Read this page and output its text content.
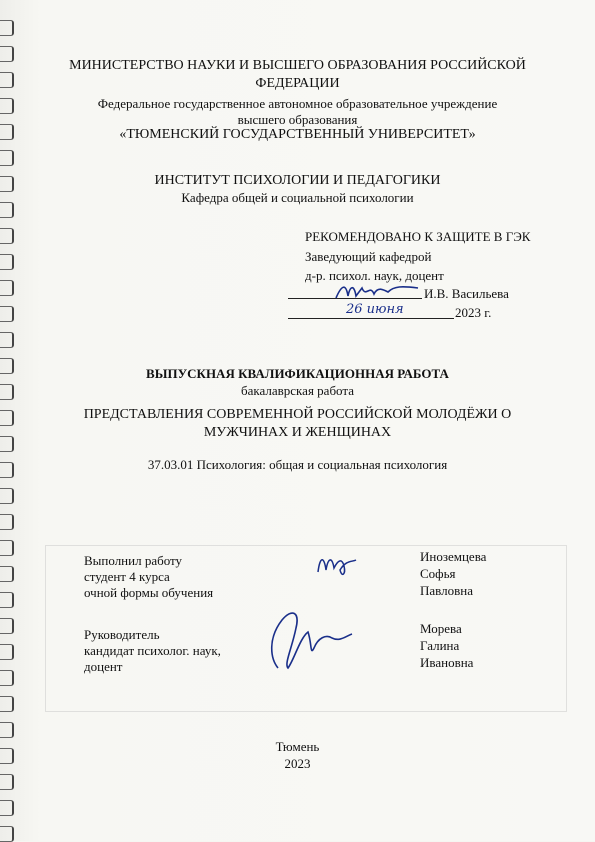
МИНИСТЕРСТВО НАУКИ И ВЫСШЕГО ОБРАЗОВАНИЯ РОССИЙСКОЙ
ФЕДЕРАЦИИ
Федеральное государственное автономное образовательное учреждение
высшего образования
«ТЮМЕНСКИЙ ГОСУДАРСТВЕННЫЙ УНИВЕРСИТЕТ»
ИНСТИТУТ ПСИХОЛОГИИ И ПЕДАГОГИКИ
Кафедра общей и социальной психологии
РЕКОМЕНДОВАНО К ЗАЩИТЕ В ГЭК
Заведующий кафедрой
д-р. психол. наук, доцент
И.В. Васильева
26 июня	2023 г.
ВЫПУСКНАЯ КВАЛИФИКАЦИОННАЯ РАБОТА
бакалаврская работа
ПРЕДСТАВЛЕНИЯ СОВРЕМЕННОЙ РОССИЙСКОЙ МОЛОДЁЖИ О
МУЖЧИНАХ И ЖЕНЩИНАХ
37.03.01 Психология: общая и социальная психология
Выполнил работу
студент 4 курса
очной формы обучения
Иноземцева
Софья
Павловна
Руководитель
кандидат психолог. наук,
доцент
Морева
Галина
Ивановна
Тюмень
2023
